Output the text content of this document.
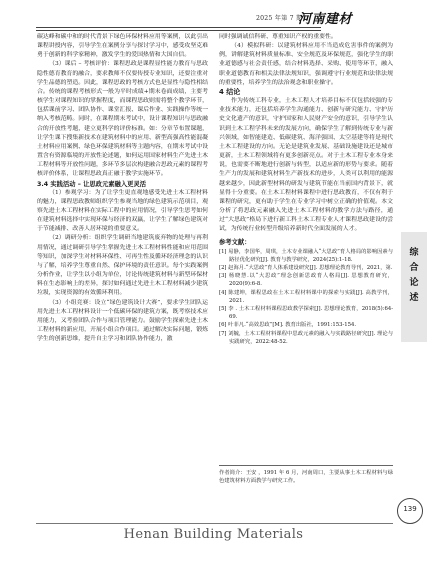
2025 年第 7 期
河南建材

碳达峰和碳中和的时代背景下绿色环保材料应用等案例，以此引出课程讲授内容，引导学生在案例分享与探讨学习中，感受攻坚克难勇于创新的科学家精神，激发学生的爱国热情和大国自信。

（3）课后 – 考核评价：课程思政是课程显性能力教育与思政隐性德育教育的融合，要求教师不仅要传授专业知识，还要注重对学生品德的塑造。因此，课程思政的考核方式也是显性与隐性相结合。传统的课程考核形式一般为平时成绩+期末卷面成绩，主要考核学生对课程知识的掌握程度，而课程思政则需将整个教学环节，包括课前学习、团队协作、课堂汇报、课后作业、实践操作等统一纳入考核范畴。同时，在课程期末考试中，设计课程知识与思政融合的开放性考题，建立更科学的评价标准。如：分章节布置课题，让学生课下搜集新技术在建筑材料中的应用、新型高强高性能混凝土材料应用案例、绿色环保建筑材料等主题内容，在期末考试中设置含有资源临境的开放性论述题，如何运用国家材料生产先进土木工程材料等开放性问题，多环节多层次构建融合思政元素的课程考核评价体系，让课程思政真正融于教学实施环节。

3.4 实践活动 – 让思政元素融入更灵活

（1）参观学习：为了让学生更直观地感受先进土木工程材料的魅力，课程思政教师组织学生参观当地的绿色建筑示范项目，观察先进土木工程材料在实际工程中的应用情况，引导学生思考如何在建筑材料选择中实现环保与经济的双赢，让学生了解绿色建筑对于节能减排、改善人居环境的重要意义。

（2）调研分析：组织学生调研当地建筑废弃物的处理与再利用情况，通过调研引导学生掌握先进土木工程材料性能和应用范围等知识，加深学生对材料环保性、可再生性及循环经济理念的认识与了解，培养学生尊重自然、保护环境的责任意识。每个实践案例分析作业，让学生以小组为单位，讨论传统建筑材料与新型环保材料在生态影响上的差异，探讨如何通过先进土木工程材料减少建筑垃圾，实现资源的有效循环利用。

（3）小组竞赛：设立“绿色建筑设计大赛”，要求学生团队运用先进土木工程材料设计一个低碳环保的建筑方案，既考察技术应用能力，又考验团队合作与项目管理能力。鼓励学生探索先进土木工程材料的新应用，开展小组合作项目。通过解决实际问题，锻炼学生的创新思维，提升自主学习和团队协作能力，激

同时强调诚信科研、尊重知识产权的重要性。

（4）模拟科研：以建筑材料应用不当造成危害事件的案例为例，讲解建筑材料质量标准、安全规范及环保规范，强化学生的职业道德感与社会责任感，结合材料选择、采购、使用等环节，融入职业道德教育和相关法律法规知识，强调遵守行业规范和法律法规的重要性，培养学生的法治观念和职业操守。

4 结论

作为传统工科专业，土木工程人才培养目标不仅包括较强的专业技术能力，还包括培养学生沟通能力、创新与研究能力、守护历史文化遗产的意识，守护国家和人民财产安全的意识，引导学生认识到土木工程学科未来的发展方向，确保学生了解到传统专业与新兴领域，如智能建造、低碳建筑、海洋强国、太空基建等将是现代土木工程建设的方向。无论是建筑业发展、基础设施建设还是城市更新，土木工程领域将有更多创新亮点。对于土木工程专业本身来说，也需要不断地进行创新与转型，以适应新的形势与要求。随着生产力的发展和建筑材料生产新技术的进步，人类可以利用的能源越来越少，因此新型材料的研发与建筑节能在当前国内背景下，就显得十分重要。在土木工程材料课程中进行思政教育，不仅有利于课程的研究，更有助于学生在专业学习中树立正确的价值观。本文分析了将思政元素融入先进土木工程材料的教学方法与路径，通过“大思政”格局下进行新工科土木工程专业人才课程思政建设的尝试，为传统行业转型升级培养新时代全面发展的人才。

参考文献：
[1] 易静，李国华，周琪，土木专业课融入“大思政”育人格局的影响因素与路径优化研究[J]. 教育与教学研究，2024(25):1-18.
[2] 赵海月.“大思政”育人体系建设研究[J]. 思想理论教育导刊，2021，第.
[3] 杨晓慧.以“大思政”理念创新思政育人格局[J]. 思想教育研究，2020(9):6-8.
[4] 陈建坤，课程思政在土木工程材料课中的探索与实践[J]. 高教学刊，2021.
[5] 李 . 土木工程材料课程思政教学探索[J]. 思想理论教育，2018(5):64-69.
[6] 叶菲凡.“高效思政”[M]. 教育出版社，1991:153-154.
[7] 刘毓，土木工程材料课程中思政元素的融入与实践路径研究[J]. 理论与实践研究，2022:48-52.
作者简介：王安 ，1991 年 6 月，河南周口，主要从事土木工程材料与绿色建筑材料方面教学与研究工作。
综合论述
139
Henan Building Materials
